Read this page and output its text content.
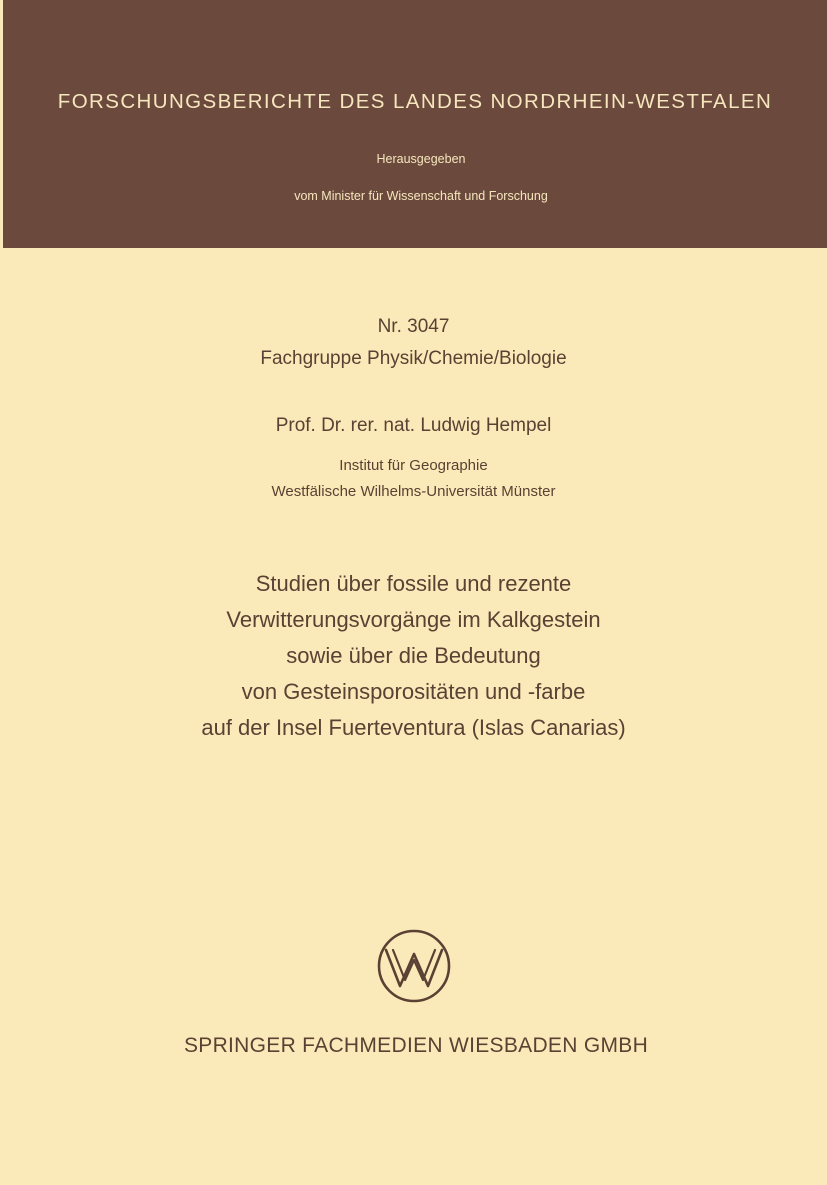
FORSCHUNGSBERICHTE DES LANDES NORDRHEIN-WESTFALEN
Herausgegeben
vom Minister für Wissenschaft und Forschung
Nr. 3047
Fachgruppe Physik/Chemie/Biologie
Prof. Dr. rer. nat. Ludwig Hempel
Institut für Geographie
Westfälische Wilhelms-Universität Münster
Studien über fossile und rezente
Verwitterungsvorgänge im Kalkgestein
sowie über die Bedeutung
von Gesteinsporositäten und -farbe
auf der Insel Fuerteventura (Islas Canarias)
SPRINGER FACHMEDIEN WIESBADEN GMBH
